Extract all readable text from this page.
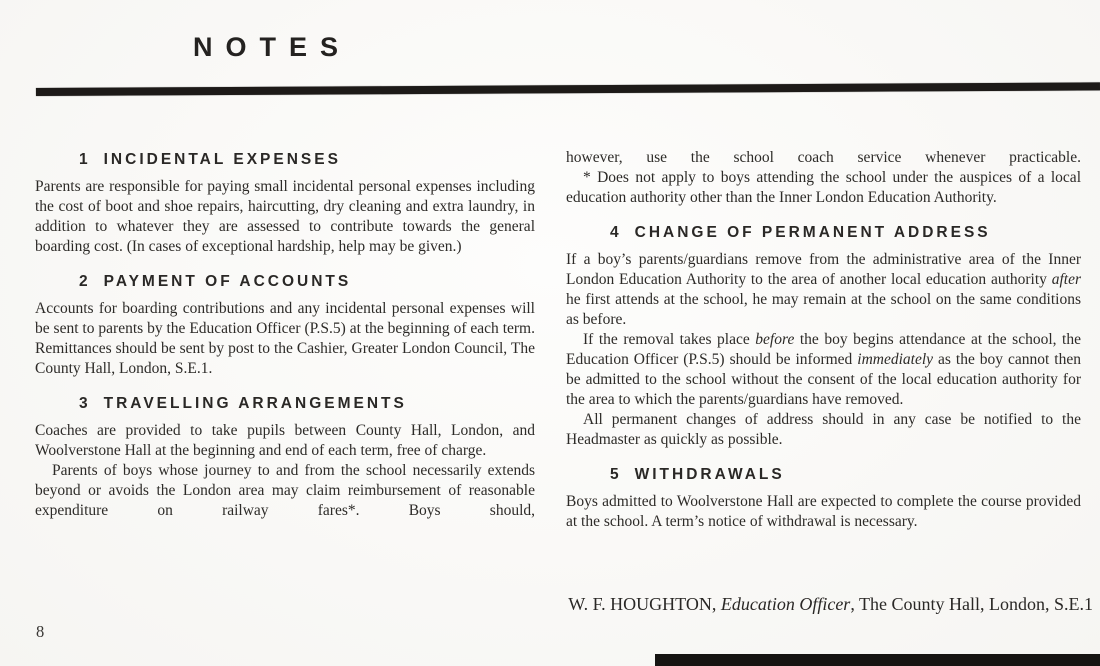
NOTES
1 INCIDENTAL EXPENSES

Parents are responsible for paying small incidental personal expenses including the cost of boot and shoe repairs, haircutting, dry cleaning and extra laundry, in addition to whatever they are assessed to contribute towards the general boarding cost. (In cases of exceptional hardship, help may be given.)

2 PAYMENT OF ACCOUNTS

Accounts for boarding contributions and any incidental personal expenses will be sent to parents by the Education Officer (P.S.5) at the beginning of each term. Remittances should be sent by post to the Cashier, Greater London Council, The County Hall, London, S.E.1.

3 TRAVELLING ARRANGEMENTS

Coaches are provided to take pupils between County Hall, London, and Woolverstone Hall at the beginning and end of each term, free of charge.

Parents of boys whose journey to and from the school necessarily extends beyond or avoids the London area may claim reimbursement of reasonable expenditure on railway fares*. Boys should,

however, use the school coach service whenever practicable.

* Does not apply to boys attending the school under the auspices of a local education authority other than the Inner London Education Authority.

4 CHANGE OF PERMANENT ADDRESS

If a boy’s parents/guardians remove from the administrative area of the Inner London Education Authority to the area of another local education authority after he first attends at the school, he may remain at the school on the same conditions as before.

If the removal takes place before the boy begins attendance at the school, the Education Officer (P.S.5) should be informed immediately as the boy cannot then be admitted to the school without the consent of the local education authority for the area to which the parents/guardians have removed.

All permanent changes of address should in any case be notified to the Headmaster as quickly as possible.

5 WITHDRAWALS

Boys admitted to Woolverstone Hall are expected to complete the course provided at the school. A term’s notice of withdrawal is necessary.

W. F. HOUGHTON, Education Officer, The County Hall, London, S.E.1
8
